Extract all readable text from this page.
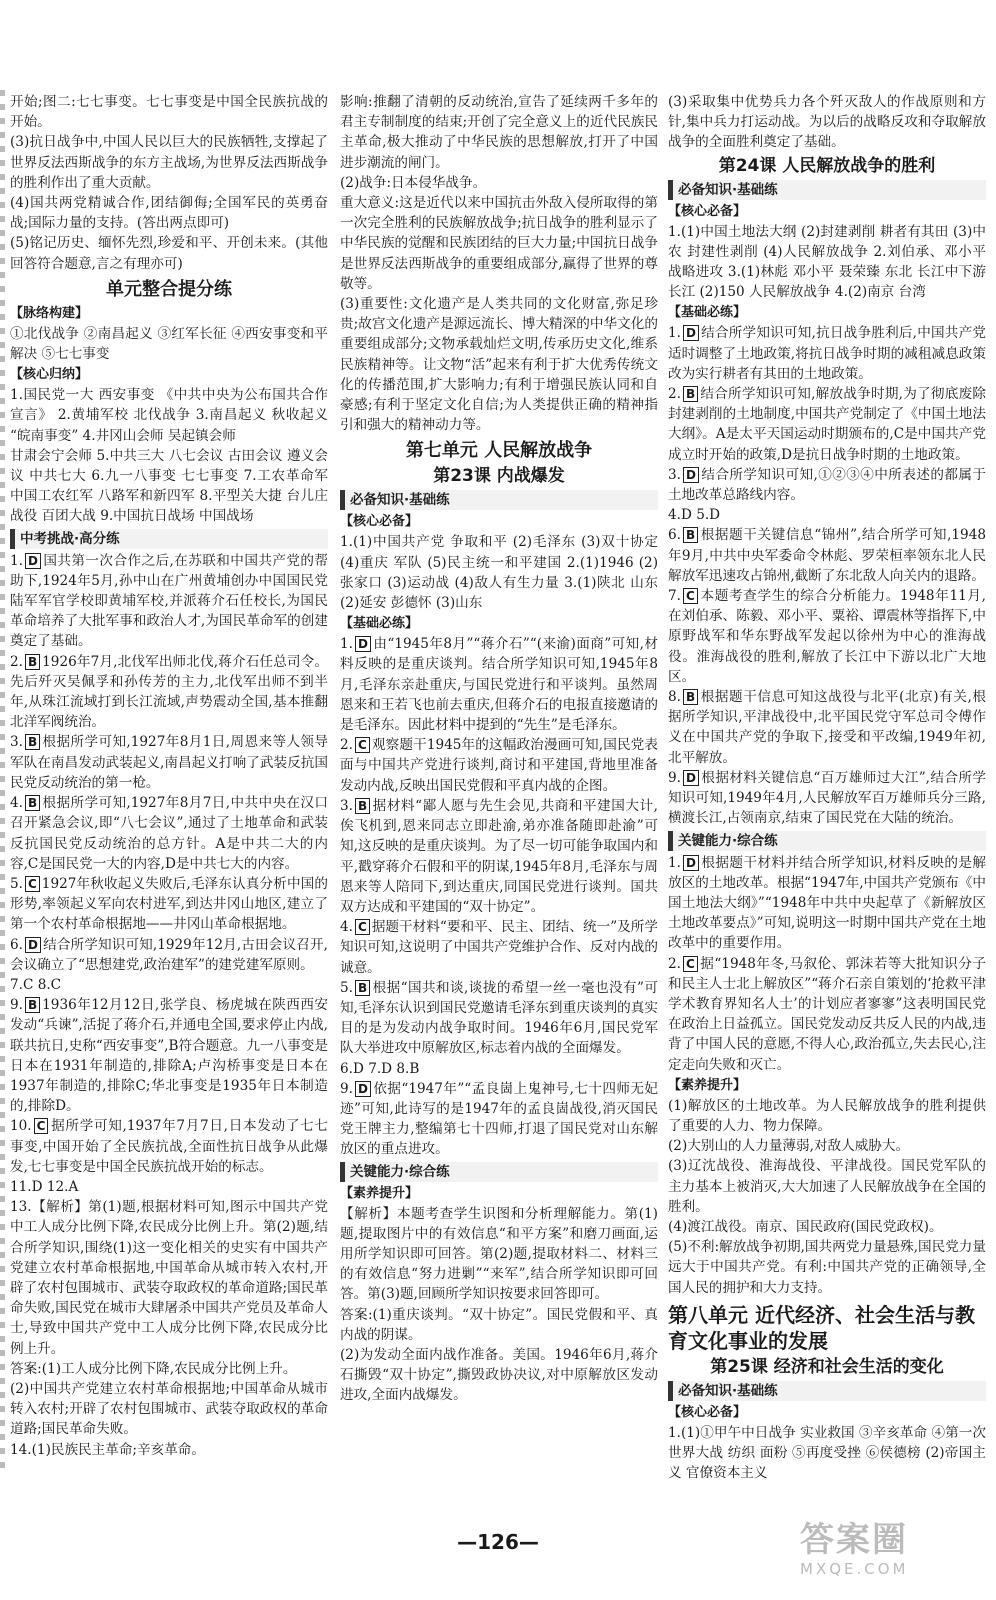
开始;图二:七七事变。七七事变是中国全民族抗战的开始。

(3)抗日战争中,中国人民以巨大的民族牺牲,支撑起了世界反法西斯战争的东方主战场,为世界反法西斯战争的胜利作出了重大贡献。

(4)国共两党精诚合作,团结御侮;全国军民的英勇奋战;国际力量的支持。(答出两点即可)

(5)铭记历史、缅怀先烈,珍爱和平、开创未来。(其他回答符合题意,言之有理亦可)

单元整合提分练
【脉络构建】

①北伐战争 ②南昌起义 ③红军长征 ④西安事变和平解决 ⑤七七事变

【核心归纳】

1.国民党一大 西安事变 《中共中央为公布国共合作宣言》 2.黄埔军校 北伐战争 3.南昌起义 秋收起义 “皖南事变” 4.井冈山会师 吴起镇会师

甘肃会宁会师 5.中共三大 八七会议 古田会议 遵义会议 中共七大 6.九一八事变 七七事变 7.工农革命军 中国工农红军 八路军和新四军 8.平型关大捷 台儿庄战役 百团大战 9.中国抗日战场 中国战场

中考挑战·高分练

1. D 国共第一次合作之后,在苏联和中国共产党的帮助下,1924年5月,孙中山在广州黄埔创办中国国民党陆军军官学校即黄埔军校,并派蒋介石任校长,为国民革命培养了大批军事和政治人才,为国民革命军的创建奠定了基础。

2. B 1926年7月,北伐军出师北伐,蒋介石任总司令。先后歼灭吴佩孚和孙传芳的主力,北伐军出师不到半年,从珠江流域打到长江流域,声势震动全国,基本推翻北洋军阀统治。

3. B 根据所学可知,1927年8月1日,周恩来等人领导军队在南昌发动武装起义,南昌起义打响了武装反抗国民党反动统治的第一枪。

4. B 根据所学可知,1927年8月7日,中共中央在汉口召开紧急会议,即“八七会议”,通过了土地革命和武装反抗国民党反动统治的总方针。A是中共二大的内容,C是国民党一大的内容,D是中共七大的内容。

5. C 1927年秋收起义失败后,毛泽东认真分析中国的形势,率领起义军向农村进军,到达井冈山地区,建立了第一个农村革命根据地——井冈山革命根据地。

6. D 结合所学知识可知,1929年12月,古田会议召开,会议确立了“思想建党,政治建军”的建党建军原则。

7.C 8.C

9. B 1936年12月12日,张学良、杨虎城在陕西西安发动“兵谏”,活捉了蒋介石,并通电全国,要求停止内战,联共抗日,史称“西安事变”,B符合题意。九一八事变是日本在1931年制造的,排除A;卢沟桥事变是日本在1937年制造的,排除C;华北事变是1935年日本制造的,排除D。

10. C 据所学可知,1937年7月7日,日本发动了七七事变,中国开始了全民族抗战,全面性抗日战争从此爆发,七七事变是中国全民族抗战开始的标志。

11.D 12.A

13.【解析】第(1)题,根据材料可知,图示中国共产党中工人成分比例下降,农民成分比例上升。第(2)题,结合所学知识,围绕(1)这一变化相关的史实有中国共产党建立农村革命根据地,中国革命从城市转入农村,开辟了农村包围城市、武装夺取政权的革命道路;国民革命失败,国民党在城市大肆屠杀中国共产党员及革命人士,导致中国共产党中工人成分比例下降,农民成分比例上升。

答案:(1)工人成分比例下降,农民成分比例上升。

(2)中国共产党建立农村革命根据地;中国革命从城市转入农村;开辟了农村包围城市、武装夺取政权的革命道路;国民革命失败。

14.(1)民族民主革命;辛亥革命。

影响:推翻了清朝的反动统治,宣告了延续两千多年的君主专制制度的结束;开创了完全意义上的近代民族民主革命,极大推动了中华民族的思想解放,打开了中国进步潮流的闸门。

(2)战争:日本侵华战争。

重大意义:这是近代以来中国抗击外敌入侵所取得的第一次完全胜利的民族解放战争;抗日战争的胜利显示了中华民族的觉醒和民族团结的巨大力量;中国抗日战争是世界反法西斯战争的重要组成部分,赢得了世界的尊敬等。

(3)重要性:文化遗产是人类共同的文化财富,弥足珍贵;故宫文化遗产是源远流长、博大精深的中华文化的重要组成部分;文物承载灿烂文明,传承历史文化,维系民族精神等。让文物“活”起来有利于扩大优秀传统文化的传播范围,扩大影响力;有利于增强民族认同和自豪感;有利于坚定文化自信;为人类提供正确的精神指引和强大的精神动力等。

第七单元 人民解放战争
第23课 内战爆发
必备知识·基础练
【核心必备】

1.(1)中国共产党 争取和平 (2)毛泽东 (3)双十协定 (4)重庆 军队 (5)民主统一和平建国 2.(1)1946 (2)张家口 (3)运动战 (4)敌人有生力量 3.(1)陕北 山东 (2)延安 彭德怀 (3)山东

【基础必练】

1. D 由“1945年8月”“蒋介石”“(来渝)面商”可知,材料反映的是重庆谈判。结合所学知识可知,1945年8月,毛泽东亲赴重庆,与国民党进行和平谈判。虽然周恩来和王若飞也前去重庆,但蒋介石的电报直接邀请的是毛泽东。因此材料中提到的“先生”是毛泽东。

2. C 观察题干1945年的这幅政治漫画可知,国民党表面与中国共产党进行谈判,商讨和平建国,背地里准备发动内战,反映出国民党假和平真内战的企图。

3. B 据材料“鄙人愿与先生会见,共商和平建国大计,俟飞机到,恩来同志立即赴渝,弟亦准备随即赴渝”可知,这反映的是重庆谈判。为了尽一切可能争取国内和平,戳穿蒋介石假和平的阴谋,1945年8月,毛泽东与周恩来等人陪同下,到达重庆,同国民党进行谈判。国共双方达成和平建国的“双十协定”。

4. C 据题干材料“要和平、民主、团结、统一”及所学知识可知,这说明了中国共产党维护合作、反对内战的诚意。

5. B 根据“国共和谈,谈拢的希望一丝一毫也没有”可知,毛泽东认识到国民党邀请毛泽东到重庆谈判的真实目的是为发动内战争取时间。1946年6月,国民党军队大举进攻中原解放区,标志着内战的全面爆发。

6.D 7.D 8.B

9. D 依据“1947年”“孟良崮上鬼神号,七十四师无妃迹”可知,此诗写的是1947年的孟良崮战役,消灭国民党王牌主力,整编第七十四师,打退了国民党对山东解放区的重点进攻。

关键能力·综合练
【素养提升】

【解析】本题考查学生识图和分析理解能力。第(1)题,提取图片中的有效信息“和平方案”和磨刀画面,运用所学知识即可回答。第(2)题,提取材料二、材料三的有效信息“努力进剿”“来军”,结合所学知识即可回答。第(3)题,回顾所学知识按要求回答即可。

答案:(1)重庆谈判。“双十协定”。国民党假和平、真内战的阴谋。

(2)为发动全面内战作准备。美国。1946年6月,蒋介石撕毁“双十协定”,撕毁政协决议,对中原解放区发动进攻,全面内战爆发。

(3)采取集中优势兵力各个歼灭敌人的作战原则和方针,集中兵力打运动战。为以后的战略反攻和夺取解放战争的全面胜利奠定了基础。

第24课 人民解放战争的胜利
必备知识·基础练
【核心必备】

1.(1)中国土地法大纲 (2)封建剥削 耕者有其田 (3)中农 封建性剥削 (4)人民解放战争 2.刘伯承、邓小平 战略进攻 3.(1)林彪 邓小平 聂荣臻 东北 长江中下游 长江 (2)150 人民解放战争 4.(2)南京 台湾

【基础必练】

1. D 结合所学知识可知,抗日战争胜利后,中国共产党适时调整了土地政策,将抗日战争时期的减租减息政策改为实行耕者有其田的土地政策。

2. B 结合所学知识可知,解放战争时期,为了彻底废除封建剥削的土地制度,中国共产党制定了《中国土地法大纲》。A是太平天国运动时期颁布的,C是中国共产党成立时开始的政策,D是抗日战争时期的土地政策。

3. D 结合所学知识可知,①②③④中所表述的都属于土地改革总路线内容。

4.D 5.D

6. B 根据题干关键信息“锦州”,结合所学可知,1948年9月,中共中央军委命令林彪、罗荣桓率领东北人民解放军迅速攻占锦州,截断了东北敌人向关内的退路。

7. C 本题考查学生的综合分析能力。1948年11月,在刘伯承、陈毅、邓小平、粟裕、谭震林等指挥下,中原野战军和华东野战军发起以徐州为中心的淮海战役。淮海战役的胜利,解放了长江中下游以北广大地区。

8. B 根据题干信息可知这战役与北平(北京)有关,根据所学知识,平津战役中,北平国民党守军总司令傅作义在中国共产党的争取下,接受和平改编,1949年初,北平解放。

9. D 根据材料关键信息“百万雄师过大江”,结合所学知识可知,1949年4月,人民解放军百万雄师兵分三路,横渡长江,占领南京,结束了国民党在大陆的统治。

关键能力·综合练

1. D 根据题干材料并结合所学知识,材料反映的是解放区的土地改革。根据“1947年,中国共产党颁布《中国土地法大纲》”“1948年中共中央起草了《新解放区土地改革要点》”可知,说明这一时期中国共产党在土地改革中的重要作用。

2. C 据“1948年冬,马叙伦、郭沫若等大批知识分子和民主人士北上解放区”“蒋介石亲自策划的‘抢救平津学术教育界知名人士’的计划应者寥寥”这表明国民党在政治上日益孤立。国民党发动反共反人民的内战,违背了中国人民的意愿,不得人心,政治孤立,失去民心,注定走向失败和灭亡。

【素养提升】

(1)解放区的土地改革。为人民解放战争的胜利提供了重要的人力、物力保障。

(2)大别山的人力量薄弱,对敌人威胁大。

(3)辽沈战役、淮海战役、平津战役。国民党军队的主力基本上被消灭,大大加速了人民解放战争在全国的胜利。

(4)渡江战役。南京、国民政府(国民党政权)。

(5)不利:解放战争初期,国共两党力量悬殊,国民党力量远大于中国共产党。有利:中国共产党的正确领导,全国人民的拥护和大力支持。

第八单元 近代经济、社会生活与教育文化事业的发展
第25课 经济和社会生活的变化
必备知识·基础练
【核心必备】

1.(1)①甲午中日战争 实业救国 ③辛亥革命 ④第一次世界大战 纺织 面粉 ⑤再度受挫 ⑥侯德榜 (2)帝国主义 官僚资本主义

—126—	答案圈
MXQE.COM
